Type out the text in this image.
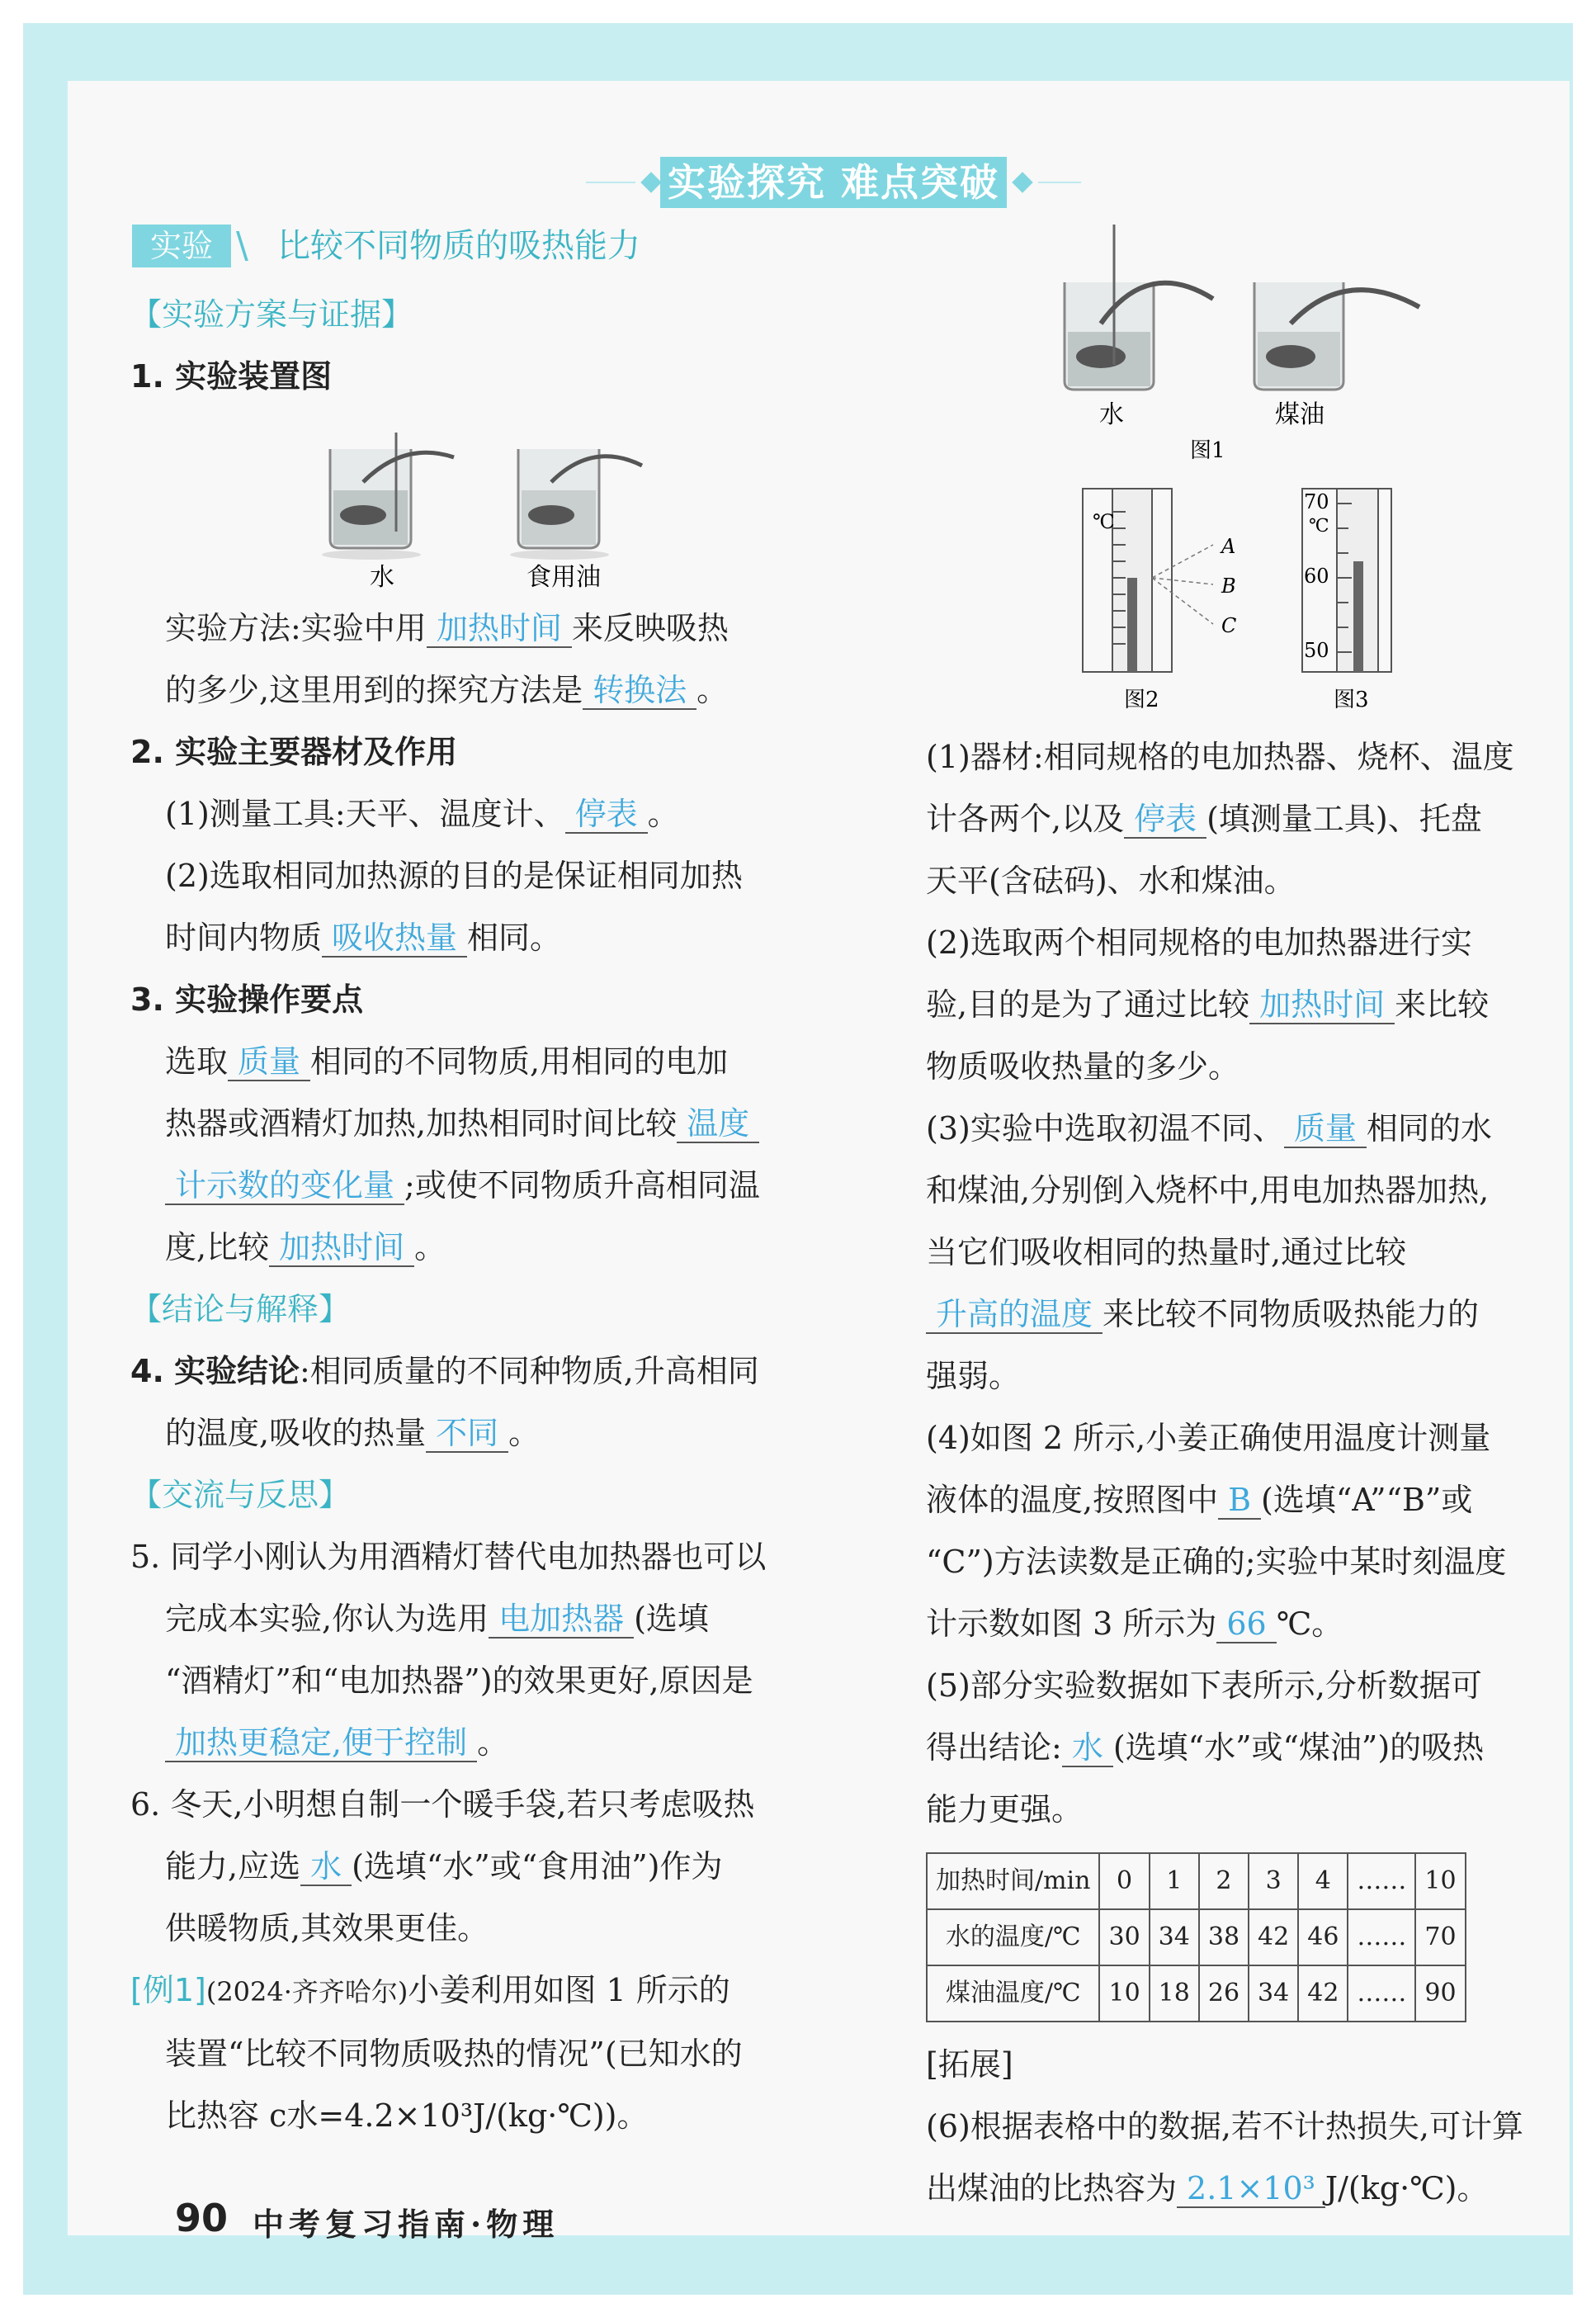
实验探究 难点突破
实验 \ 比较不同物质的吸热能力
【实验方案与证据】
1. 实验装置图
水	食用油
实验方法:实验中用 加热时间 来反映吸热
的多少,这里用到的探究方法是 转换法 。
2. 实验主要器材及作用
(1)测量工具:天平、温度计、 停表 。
(2)选取相同加热源的目的是保证相同加热
时间内物质 吸收热量 相同。
3. 实验操作要点
选取 质量 相同的不同物质,用相同的电加
热器或酒精灯加热,加热相同时间比较 温度
计示数的变化量 ;或使不同物质升高相同温
度,比较 加热时间 。
【结论与解释】
4. 实验结论:相同质量的不同种物质,升高相同
的温度,吸收的热量 不同 。
【交流与反思】
5. 同学小刚认为用酒精灯替代电加热器也可以
完成本实验,你认为选用 电加热器 (选填
“酒精灯”和“电加热器”)的效果更好,原因是
加热更稳定,便于控制 。
6. 冬天,小明想自制一个暖手袋,若只考虑吸热
能力,应选 水 (选填“水”或“食用油”)作为
供暖物质,其效果更佳。
[例1](2024·齐齐哈尔)小姜利用如图 1 所示的
装置“比较不同物质吸热的情况”(已知水的
比热容 c水=4.2×10³J/(kg·℃))。
水	煤油
图1
℃
A
B
C
图2
70
℃
60
50
图3
(1)器材:相同规格的电加热器、烧杯、温度
计各两个,以及 停表 (填测量工具)、托盘
天平(含砝码)、水和煤油。
(2)选取两个相同规格的电加热器进行实
验,目的是为了通过比较 加热时间 来比较
物质吸收热量的多少。
(3)实验中选取初温不同、 质量 相同的水
和煤油,分别倒入烧杯中,用电加热器加热,
当它们吸收相同的热量时,通过比较
升高的温度 来比较不同物质吸热能力的
强弱。
(4)如图 2 所示,小姜正确使用温度计测量
液体的温度,按照图中 B (选填“A”“B”或
“C”)方法读数是正确的;实验中某时刻温度
计示数如图 3 所示为 66 ℃。
(5)部分实验数据如下表所示,分析数据可
得出结论: 水 (选填“水”或“煤油”)的吸热
能力更强。
加热时间/min	0	1	2	3	4	……	10
水的温度/℃	30	34	38	42	46	……	70
煤油温度/℃	10	18	26	34	42	……	90
[拓展]
(6)根据表格中的数据,若不计热损失,可计算
出煤油的比热容为 2.1×10³ J/(kg·℃)。
90 中考复习指南·物理
